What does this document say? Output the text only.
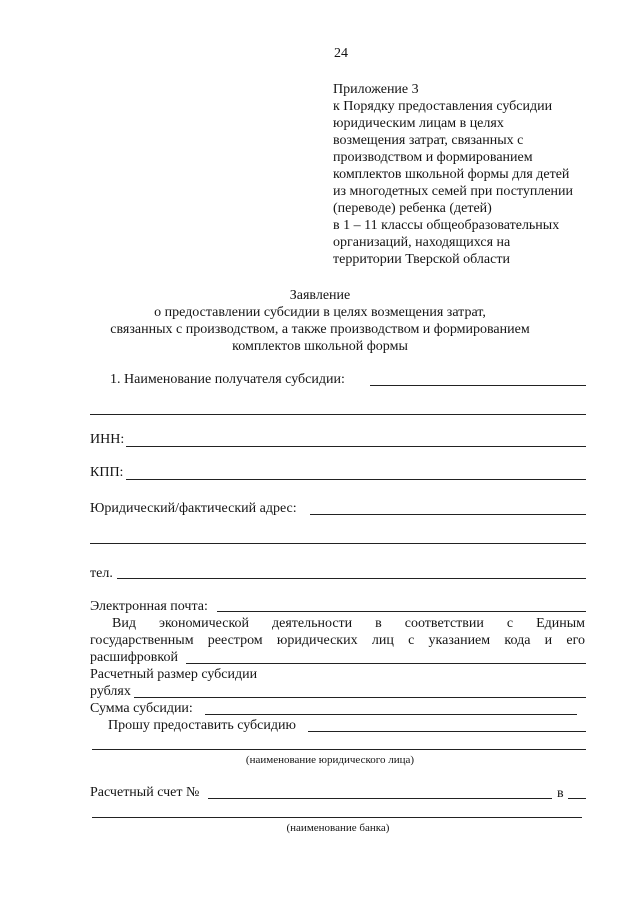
24
Приложение 3
к Порядку предоставления субсидии
юридическим лицам в целях
возмещения затрат, связанных с
производством и формированием
комплектов школьной формы для детей
из многодетных семей при поступлении
(переводе) ребенка (детей)
в 1 – 11 классы общеобразовательных
организаций, находящихся на
территории Тверской области
Заявление
о предоставлении субсидии в целях возмещения затрат,
связанных с производством, а также производством и формированием
комплектов школьной формы
1. Наименование получателя субсидии:
ИНН:
КПП:
Юридический/фактический адрес:
тел.
Электронная почта:
Вид экономической деятельности в соответствии с Единым
государственным реестром юридических лиц с указанием кода и его
расшифровкой
Расчетный размер субсидии
рублях
Сумма субсидии:
Прошу предоставить субсидию
(наименование юридического лица)
Расчетный счет №	в
(наименование банка)
